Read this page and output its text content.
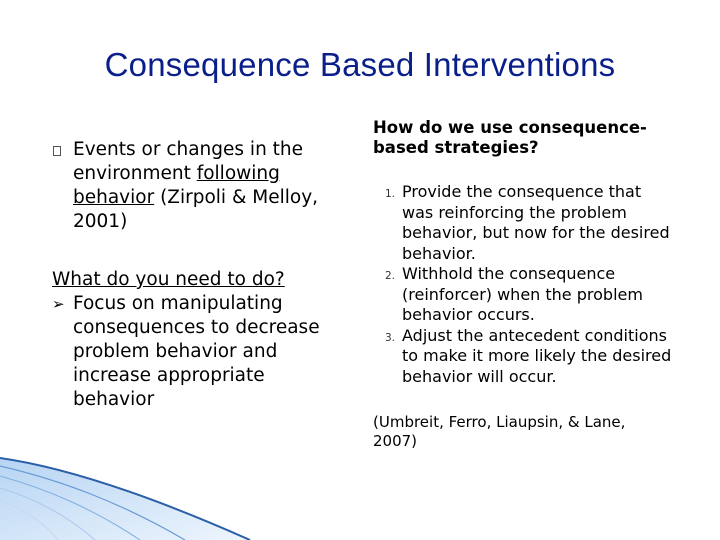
Consequence Based Interventions
Events or changes in the environment following behavior (Zirpoli & Melloy, 2001)
What do you need to do?
➢ Focus on manipulating consequences to decrease problem behavior and increase appropriate behavior
How do we use consequence-based strategies?
1. Provide the consequence that was reinforcing the problem behavior, but now for the desired behavior.
2. Withhold the consequence (reinforcer) when the problem behavior occurs.
3. Adjust the antecedent conditions to make it more likely the desired behavior will occur.
(Umbreit, Ferro, Liaupsin, & Lane, 2007)
